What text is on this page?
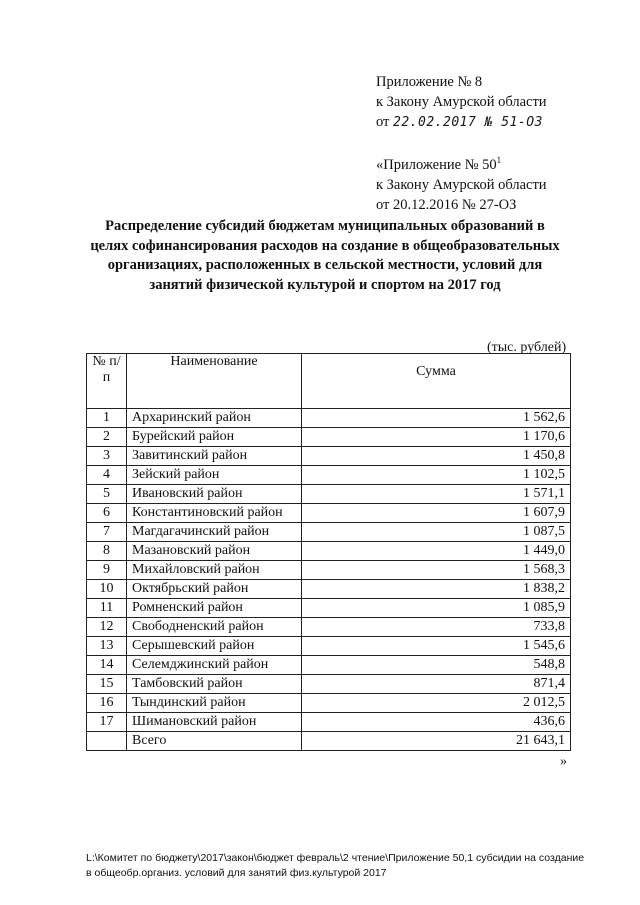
Приложение № 8
к Закону Амурской области
от 22.02.2017 № 51-ОЗ
«Приложение № $50^1$
к Закону Амурской области
от 20.12.2016 № 27-ОЗ
Распределение субсидий бюджетам муниципальных образований в целях софинансирования расходов на создание в общеобразовательных организациях, расположенных в сельской местности, условий для занятий физической культурой и спортом на 2017 год
(тыс. рублей)
№ п/п	Наименование	Сумма
1	Архаринский район	1 562,6
2	Бурейский район	1 170,6
3	Завитинский район	1 450,8
4	Зейский район	1 102,5
5	Ивановский район	1 571,1
6	Константиновский район	1 607,9
7	Магдагачинский район	1 087,5
8	Мазановский район	1 449,0
9	Михайловский район	1 568,3
10	Октябрьский район	1 838,2
11	Ромненский район	1 085,9
12	Свободненский район	733,8
13	Серышевский район	1 545,6
14	Селемджинский район	548,8
15	Тамбовский район	871,4
16	Тындинский район	2 012,5
17	Шимановский район	436,6
	Всего	21 643,1
»
L:\Комитет по бюджету\2017\закон\бюджет февраль\2 чтение\Приложение 50,1 субсидии на создание в общеобр.организ. условий для занятий физ.культурой 2017
